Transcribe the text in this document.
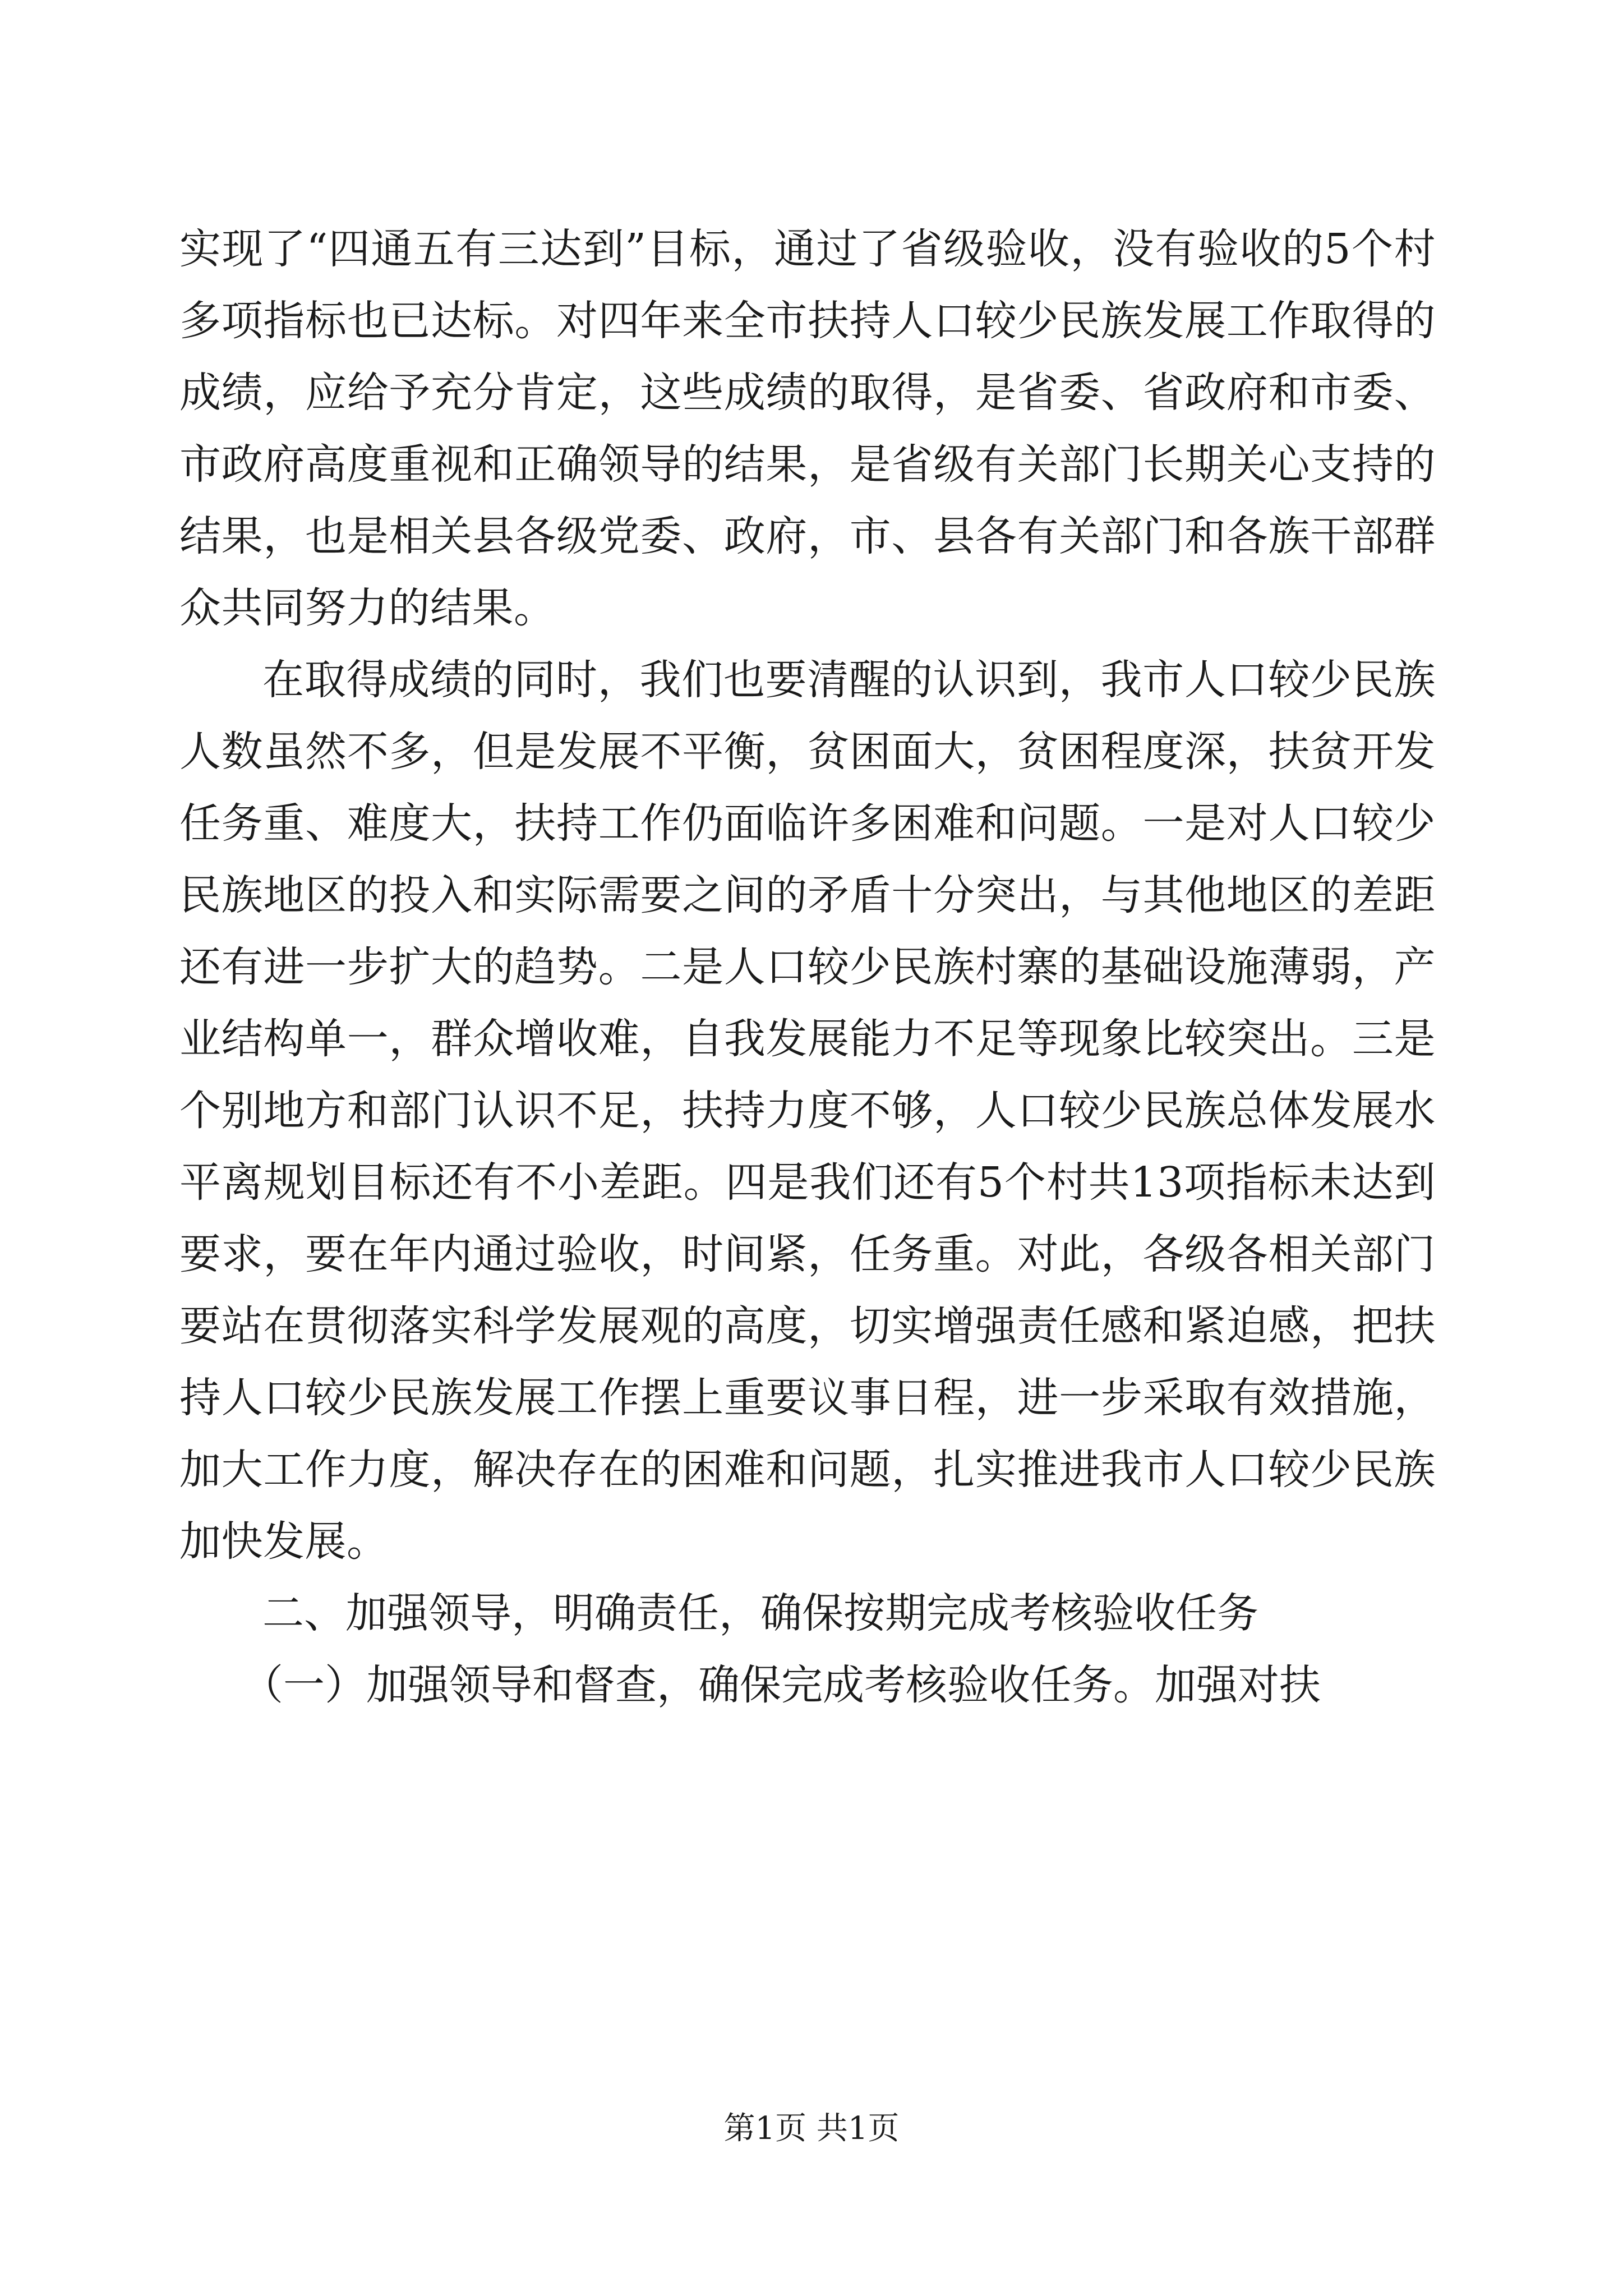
实现了“四通五有三达到”目标，通过了省级验收，没有验收的5个村多项指标也已达标。对四年来全市扶持人口较少民族发展工作取得的成绩，应给予充分肯定，这些成绩的取得，是省委、省政府和市委、市政府高度重视和正确领导的结果，是省级有关部门长期关心支持的结果，也是相关县各级党委、政府，市、县各有关部门和各族干部群众共同努力的结果。

在取得成绩的同时，我们也要清醒的认识到，我市人口较少民族人数虽然不多，但是发展不平衡，贫困面大，贫困程度深，扶贫开发任务重、难度大，扶持工作仍面临许多困难和问题。一是对人口较少民族地区的投入和实际需要之间的矛盾十分突出，与其他地区的差距还有进一步扩大的趋势。二是人口较少民族村寨的基础设施薄弱，产业结构单一，群众增收难，自我发展能力不足等现象比较突出。三是个别地方和部门认识不足，扶持力度不够，人口较少民族总体发展水平离规划目标还有不小差距。四是我们还有5个村共13项指标未达到要求，要在年内通过验收，时间紧，任务重。对此，各级各相关部门要站在贯彻落实科学发展观的高度，切实增强责任感和紧迫感，把扶持人口较少民族发展工作摆上重要议事日程，进一步采取有效措施，加大工作力度，解决存在的困难和问题，扎实推进我市人口较少民族加快发展。

二、加强领导，明确责任，确保按期完成考核验收任务

（一）加强领导和督查，确保完成考核验收任务。加强对扶

第1页 共1页
